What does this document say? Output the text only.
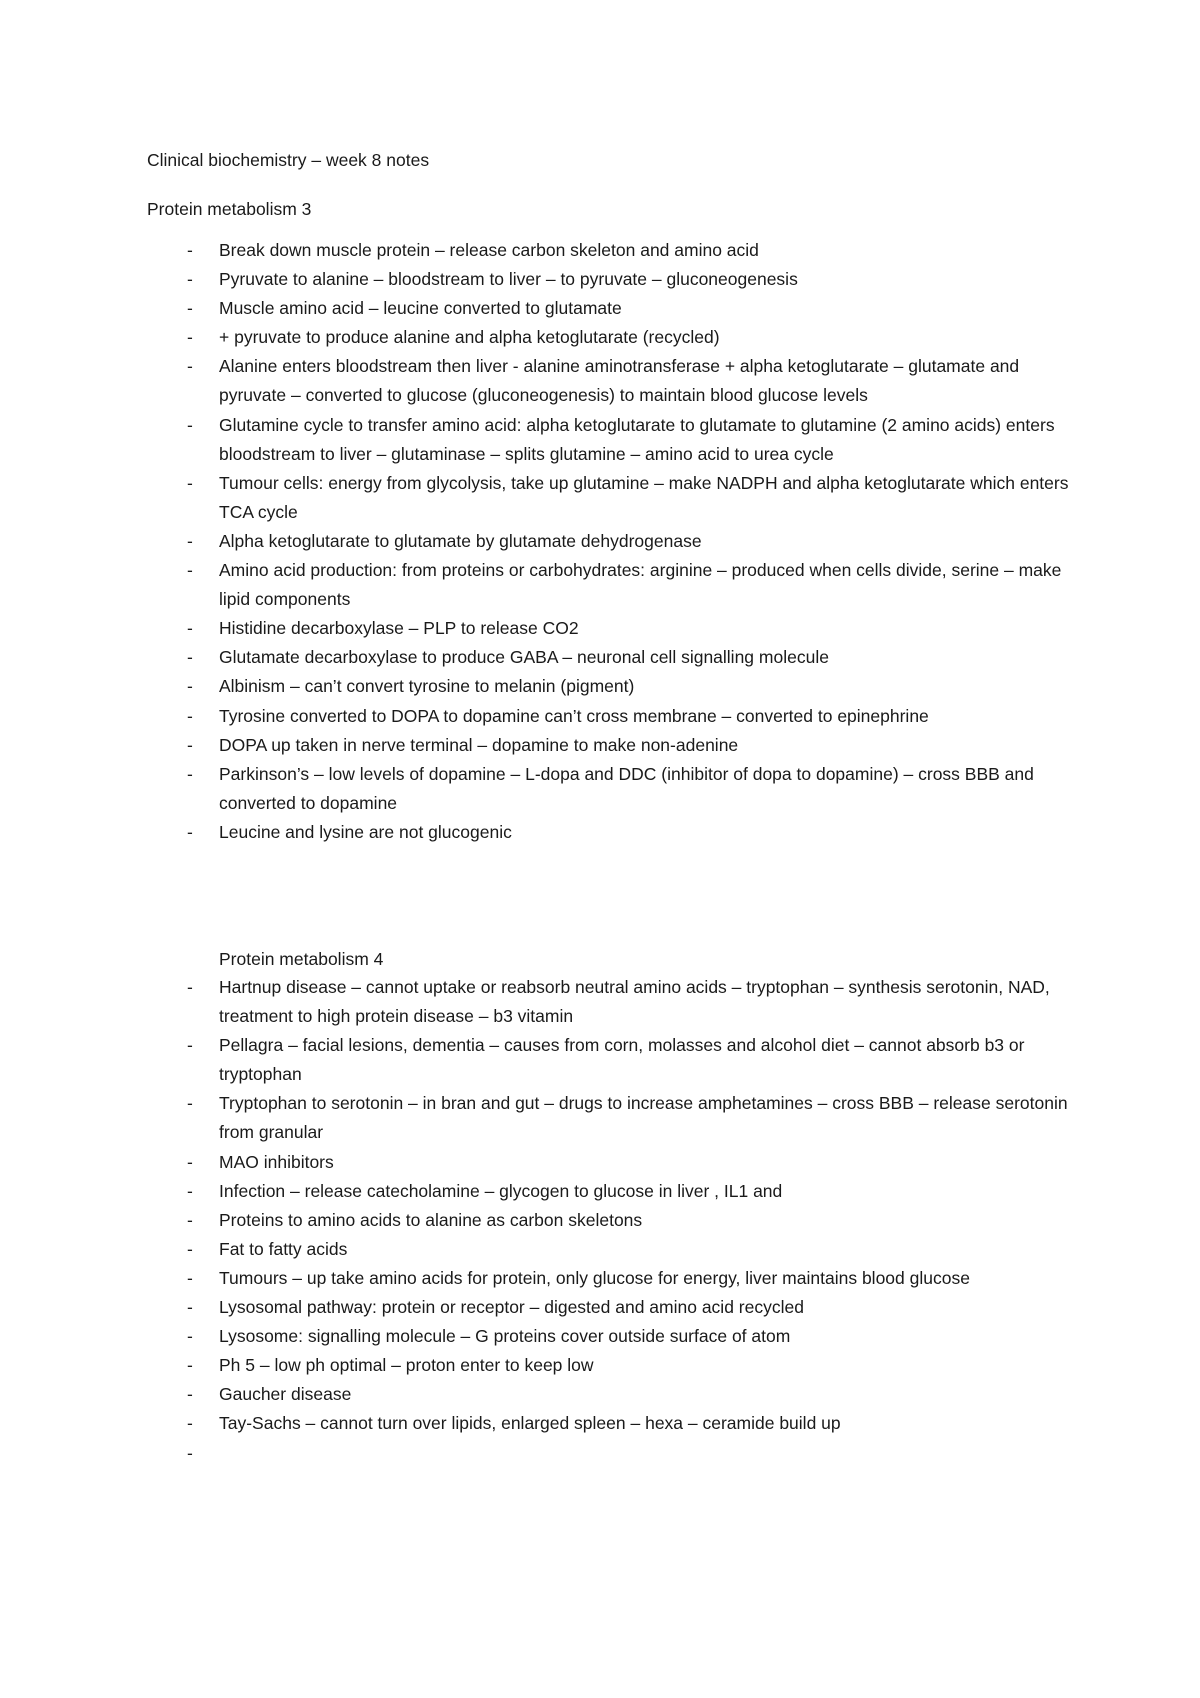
Clinical biochemistry – week 8 notes
Protein metabolism 3
-	Break down muscle protein – release carbon skeleton and amino acid
-	Pyruvate to alanine – bloodstream to liver – to pyruvate – gluconeogenesis
-	Muscle amino acid – leucine converted to glutamate
-	+ pyruvate to produce alanine and alpha ketoglutarate (recycled)
-	Alanine enters bloodstream then liver - alanine aminotransferase + alpha ketoglutarate – glutamate and pyruvate – converted to glucose (gluconeogenesis) to maintain blood glucose levels
-	Glutamine cycle to transfer amino acid: alpha ketoglutarate to glutamate to glutamine (2 amino acids) enters bloodstream to liver – glutaminase – splits glutamine – amino acid to urea cycle
-	Tumour cells: energy from glycolysis, take up glutamine – make NADPH and alpha ketoglutarate which enters TCA cycle
-	Alpha ketoglutarate to glutamate by glutamate dehydrogenase
-	Amino acid production: from proteins or carbohydrates: arginine – produced when cells divide, serine – make lipid components
-	Histidine decarboxylase – PLP to release CO2
-	Glutamate decarboxylase to produce GABA – neuronal cell signalling molecule
-	Albinism – can’t convert tyrosine to melanin (pigment)
-	Tyrosine converted to DOPA to dopamine can’t cross membrane – converted to epinephrine
-	DOPA up taken in nerve terminal – dopamine to make non-adenine
-	Parkinson’s – low levels of dopamine – L-dopa and DDC (inhibitor of dopa to dopamine) – cross BBB and converted to dopamine
-	Leucine and lysine are not glucogenic
Protein metabolism 4
-	Hartnup disease – cannot uptake or reabsorb neutral amino acids – tryptophan – synthesis serotonin, NAD, treatment to high protein disease – b3 vitamin
-	Pellagra – facial lesions, dementia – causes from corn, molasses and alcohol diet – cannot absorb b3 or tryptophan
-	Tryptophan to serotonin – in bran and gut – drugs to increase amphetamines – cross BBB – release serotonin from granular
-	MAO inhibitors
-	Infection – release catecholamine – glycogen to glucose in liver , IL1 and
-	Proteins to amino acids to alanine as carbon skeletons
-	Fat to fatty acids
-	Tumours – up take amino acids for protein, only glucose for energy, liver maintains blood glucose
-	Lysosomal pathway: protein or receptor – digested and amino acid recycled
-	Lysosome: signalling molecule – G proteins cover outside surface of atom
-	Ph 5 – low ph optimal – proton enter to keep low
-	Gaucher disease
-	Tay-Sachs – cannot turn over lipids, enlarged spleen – hexa – ceramide build up
-
